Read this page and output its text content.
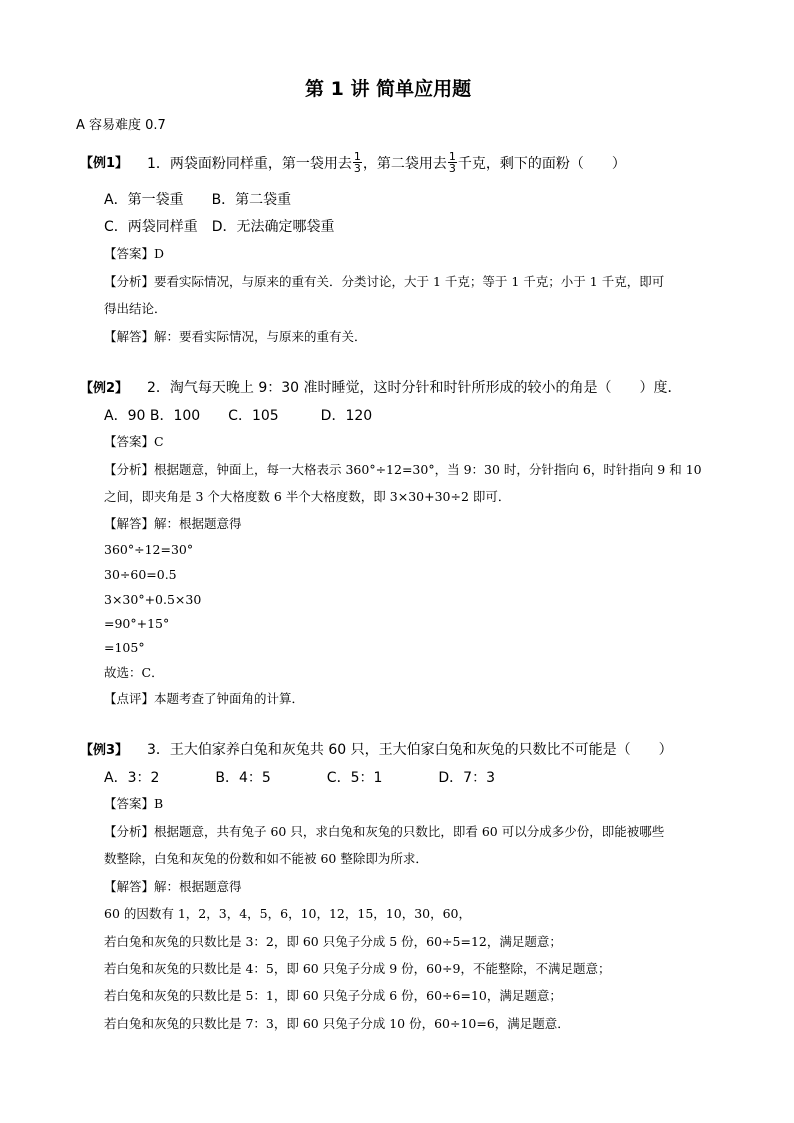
第 1 讲 简单应用题
A 容易难度 0.7
【例1】 1．两袋面粉同样重，第一袋用去 $\frac{1}{3}$ ，第二袋用去 $\frac{1}{3}$ 千克，剩下的面粉（　　）
A．第一袋重　　B．第二袋重
C．两袋同样重　D．无法确定哪袋重
【答案】D
【分析】要看实际情况，与原来的重有关．分类讨论，大于 1 千克；等于 1 千克；小于 1 千克，即可
得出结论．
【解答】解：要看实际情况，与原来的重有关．
【例2】 2．淘气每天晚上 9：30 准时睡觉，这时分针和时针所形成的较小的角是（　　）度．
A．90 B．100　　C．105　　　D．120
【答案】C
【分析】根据题意，钟面上，每一大格表示 360°÷12=30°，当 9：30 时，分针指向 6，时针指向 9 和 10
之间，即夹角是 3 个大格度数 6 半个大格度数，即 3×30+30÷2 即可．
【解答】解：根据题意得
360°÷12=30°
30÷60=0.5
3×30°+0.5×30
=90°+15°
=105°
故选：C．
【点评】本题考查了钟面角的计算．
【例3】 3．王大伯家养白兔和灰兔共 60 只，王大伯家白兔和灰兔的只数比不可能是（　　）
A．3：2　　　　B．4：5　　　　C．5：1　　　　D．7：3
【答案】B
【分析】根据题意，共有兔子 60 只，求白兔和灰兔的只数比，即看 60 可以分成多少份，即能被哪些
数整除，白兔和灰兔的份数和如不能被 60 整除即为所求．
【解答】解：根据题意得
60 的因数有 1，2，3，4，5，6，10，12，15，10，30，60，
若白兔和灰兔的只数比是 3：2，即 60 只兔子分成 5 份，60÷5=12，满足题意；
若白兔和灰兔的只数比是 4：5，即 60 只兔子分成 9 份，60÷9，不能整除，不满足题意；
若白兔和灰兔的只数比是 5：1，即 60 只兔子分成 6 份，60÷6=10，满足题意；
若白兔和灰兔的只数比是 7：3，即 60 只兔子分成 10 份，60÷10=6，满足题意．
